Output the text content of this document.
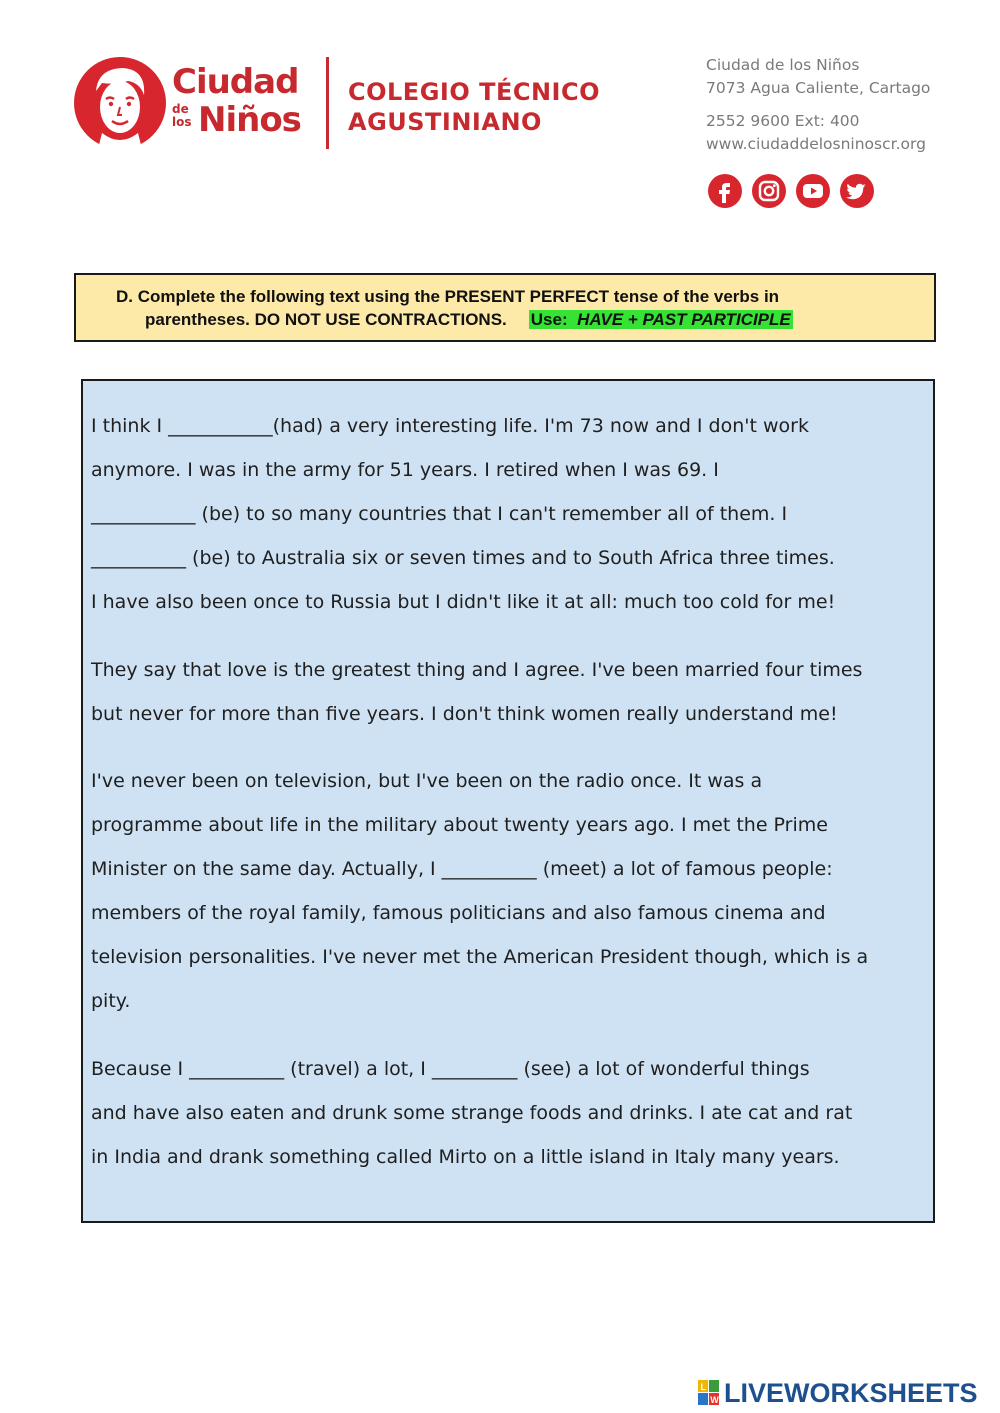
Ciudad
de
los Niños
COLEGIO TÉCNICO
AGUSTINIANO
Ciudad de los Niños
7073 Agua Caliente, Cartago
2552 9600 Ext: 400
www.ciudaddelosninoscr.org
D. Complete the following text using the PRESENT PERFECT tense of the verbs in
parentheses. DO NOT USE CONTRACTIONS. Use: HAVE + PAST PARTICIPLE
I think I ___________(had) a very interesting life. I'm 73 now and I don't work
anymore. I was in the army for 51 years. I retired when I was 69. I
___________ (be) to so many countries that I can't remember all of them. I
__________ (be) to Australia six or seven times and to South Africa three times.
I have also been once to Russia but I didn't like it at all: much too cold for me!
They say that love is the greatest thing and I agree. I've been married four times
but never for more than five years. I don't think women really understand me!
I've never been on television, but I've been on the radio once. It was a
programme about life in the military about twenty years ago. I met the Prime
Minister on the same day. Actually, I __________ (meet) a lot of famous people:
members of the royal family, famous politicians and also famous cinema and
television personalities. I've never met the American President though, which is a
pity.
Because I __________ (travel) a lot, I _________ (see) a lot of wonderful things
and have also eaten and drunk some strange foods and drinks. I ate cat and rat
in India and drank something called Mirto on a little island in Italy many years.
L
W LIVEWORKSHEETS
